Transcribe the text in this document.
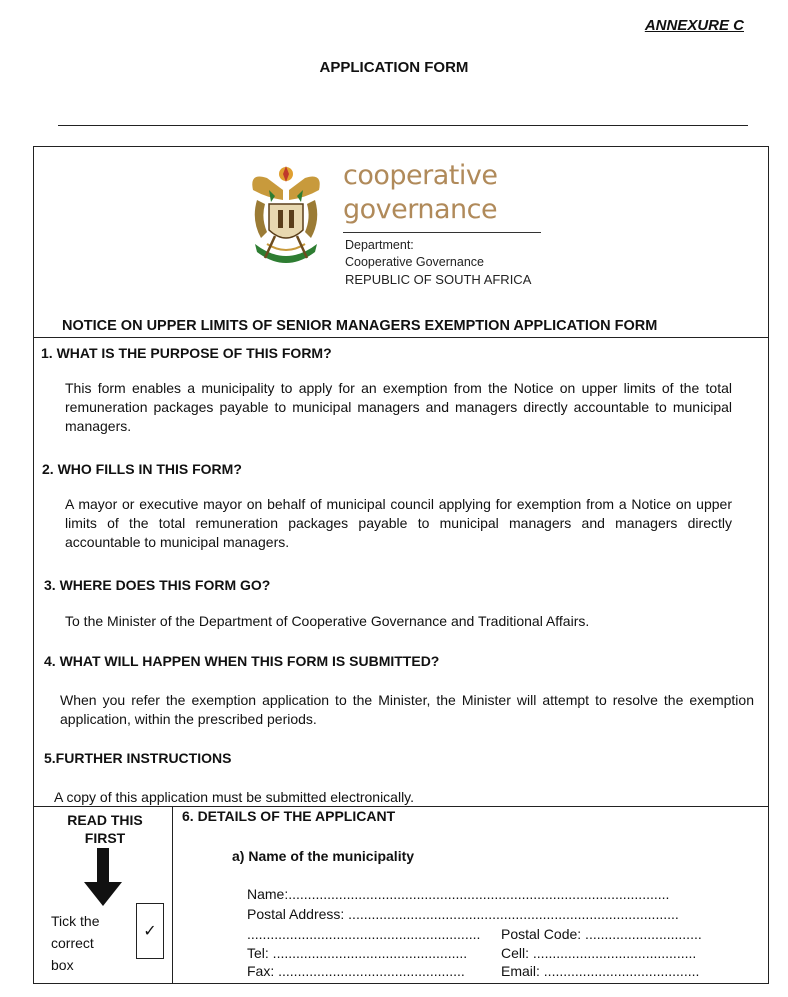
ANNEXURE C
APPLICATION FORM
cooperative
governance
Department:
Cooperative Governance
REPUBLIC OF SOUTH AFRICA
NOTICE ON UPPER LIMITS OF SENIOR MANAGERS EXEMPTION APPLICATION FORM
1. WHAT IS THE PURPOSE OF THIS FORM?
This form enables a municipality to apply for an exemption from the Notice on upper limits of the total remuneration packages payable to municipal managers and managers directly accountable to municipal managers.
2. WHO FILLS IN THIS FORM?
A mayor or executive mayor on behalf of municipal council applying for exemption from a Notice on upper limits of the total remuneration packages payable to municipal managers and managers directly accountable to municipal managers.
3. WHERE DOES THIS FORM GO?
To the Minister of the Department of Cooperative Governance and Traditional Affairs.
4. WHAT WILL HAPPEN WHEN THIS FORM IS SUBMITTED?
When you refer the exemption application to the Minister, the Minister will attempt to resolve the exemption application, within the prescribed periods.
5.FURTHER INSTRUCTIONS
A copy of this application must be submitted electronically.
READ THIS
FIRST
Tick the
correct
box
✓
6. DETAILS OF THE APPLICANT
a) Name of the municipality
Name:..................................................................................................
Postal Address: .....................................................................................
............................................................ Postal Code: ..............................
Tel: .................................................. Cell: ..........................................
Fax: ................................................	Email: ........................................
